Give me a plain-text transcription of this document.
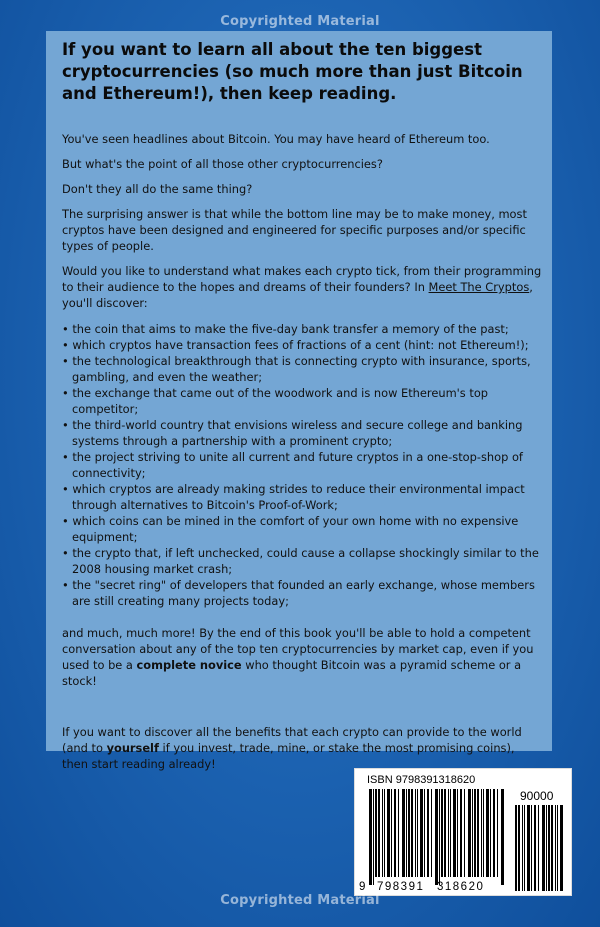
Copyrighted Material
If you want to learn all about the ten biggest cryptocurrencies (so much more than just Bitcoin and Ethereum!), then keep reading.

You've seen headlines about Bitcoin. You may have heard of Ethereum too.

But what's the point of all those other cryptocurrencies?

Don't they all do the same thing?

The surprising answer is that while the bottom line may be to make money, most cryptos have been designed and engineered for specific purposes and/or specific types of people.

Would you like to understand what makes each crypto tick, from their programming to their audience to the hopes and dreams of their founders? In Meet The Cryptos, you'll discover:

• the coin that aims to make the five-day bank transfer a memory of the past;
• which cryptos have transaction fees of fractions of a cent (hint: not Ethereum!);
• the technological breakthrough that is connecting crypto with insurance, sports, gambling, and even the weather;
• the exchange that came out of the woodwork and is now Ethereum's top competitor;
• the third-world country that envisions wireless and secure college and banking systems through a partnership with a prominent crypto;
• the project striving to unite all current and future cryptos in a one-stop-shop of connectivity;
• which cryptos are already making strides to reduce their environmental impact through alternatives to Bitcoin's Proof-of-Work;
• which coins can be mined in the comfort of your own home with no expensive equipment;
• the crypto that, if left unchecked, could cause a collapse shockingly similar to the 2008 housing market crash;
• the "secret ring" of developers that founded an early exchange, whose members are still creating many projects today;

and much, much more! By the end of this book you'll be able to hold a competent conversation about any of the top ten cryptocurrencies by market cap, even if you used to be a complete novice who thought Bitcoin was a pyramid scheme or a stock!

If you want to discover all the benefits that each crypto can provide to the world (and to yourself if you invest, trade, mine, or stake the most promising coins), then start reading already!

ISBN 9798391318620
90000
9 798391 318620
Copyrighted Material
